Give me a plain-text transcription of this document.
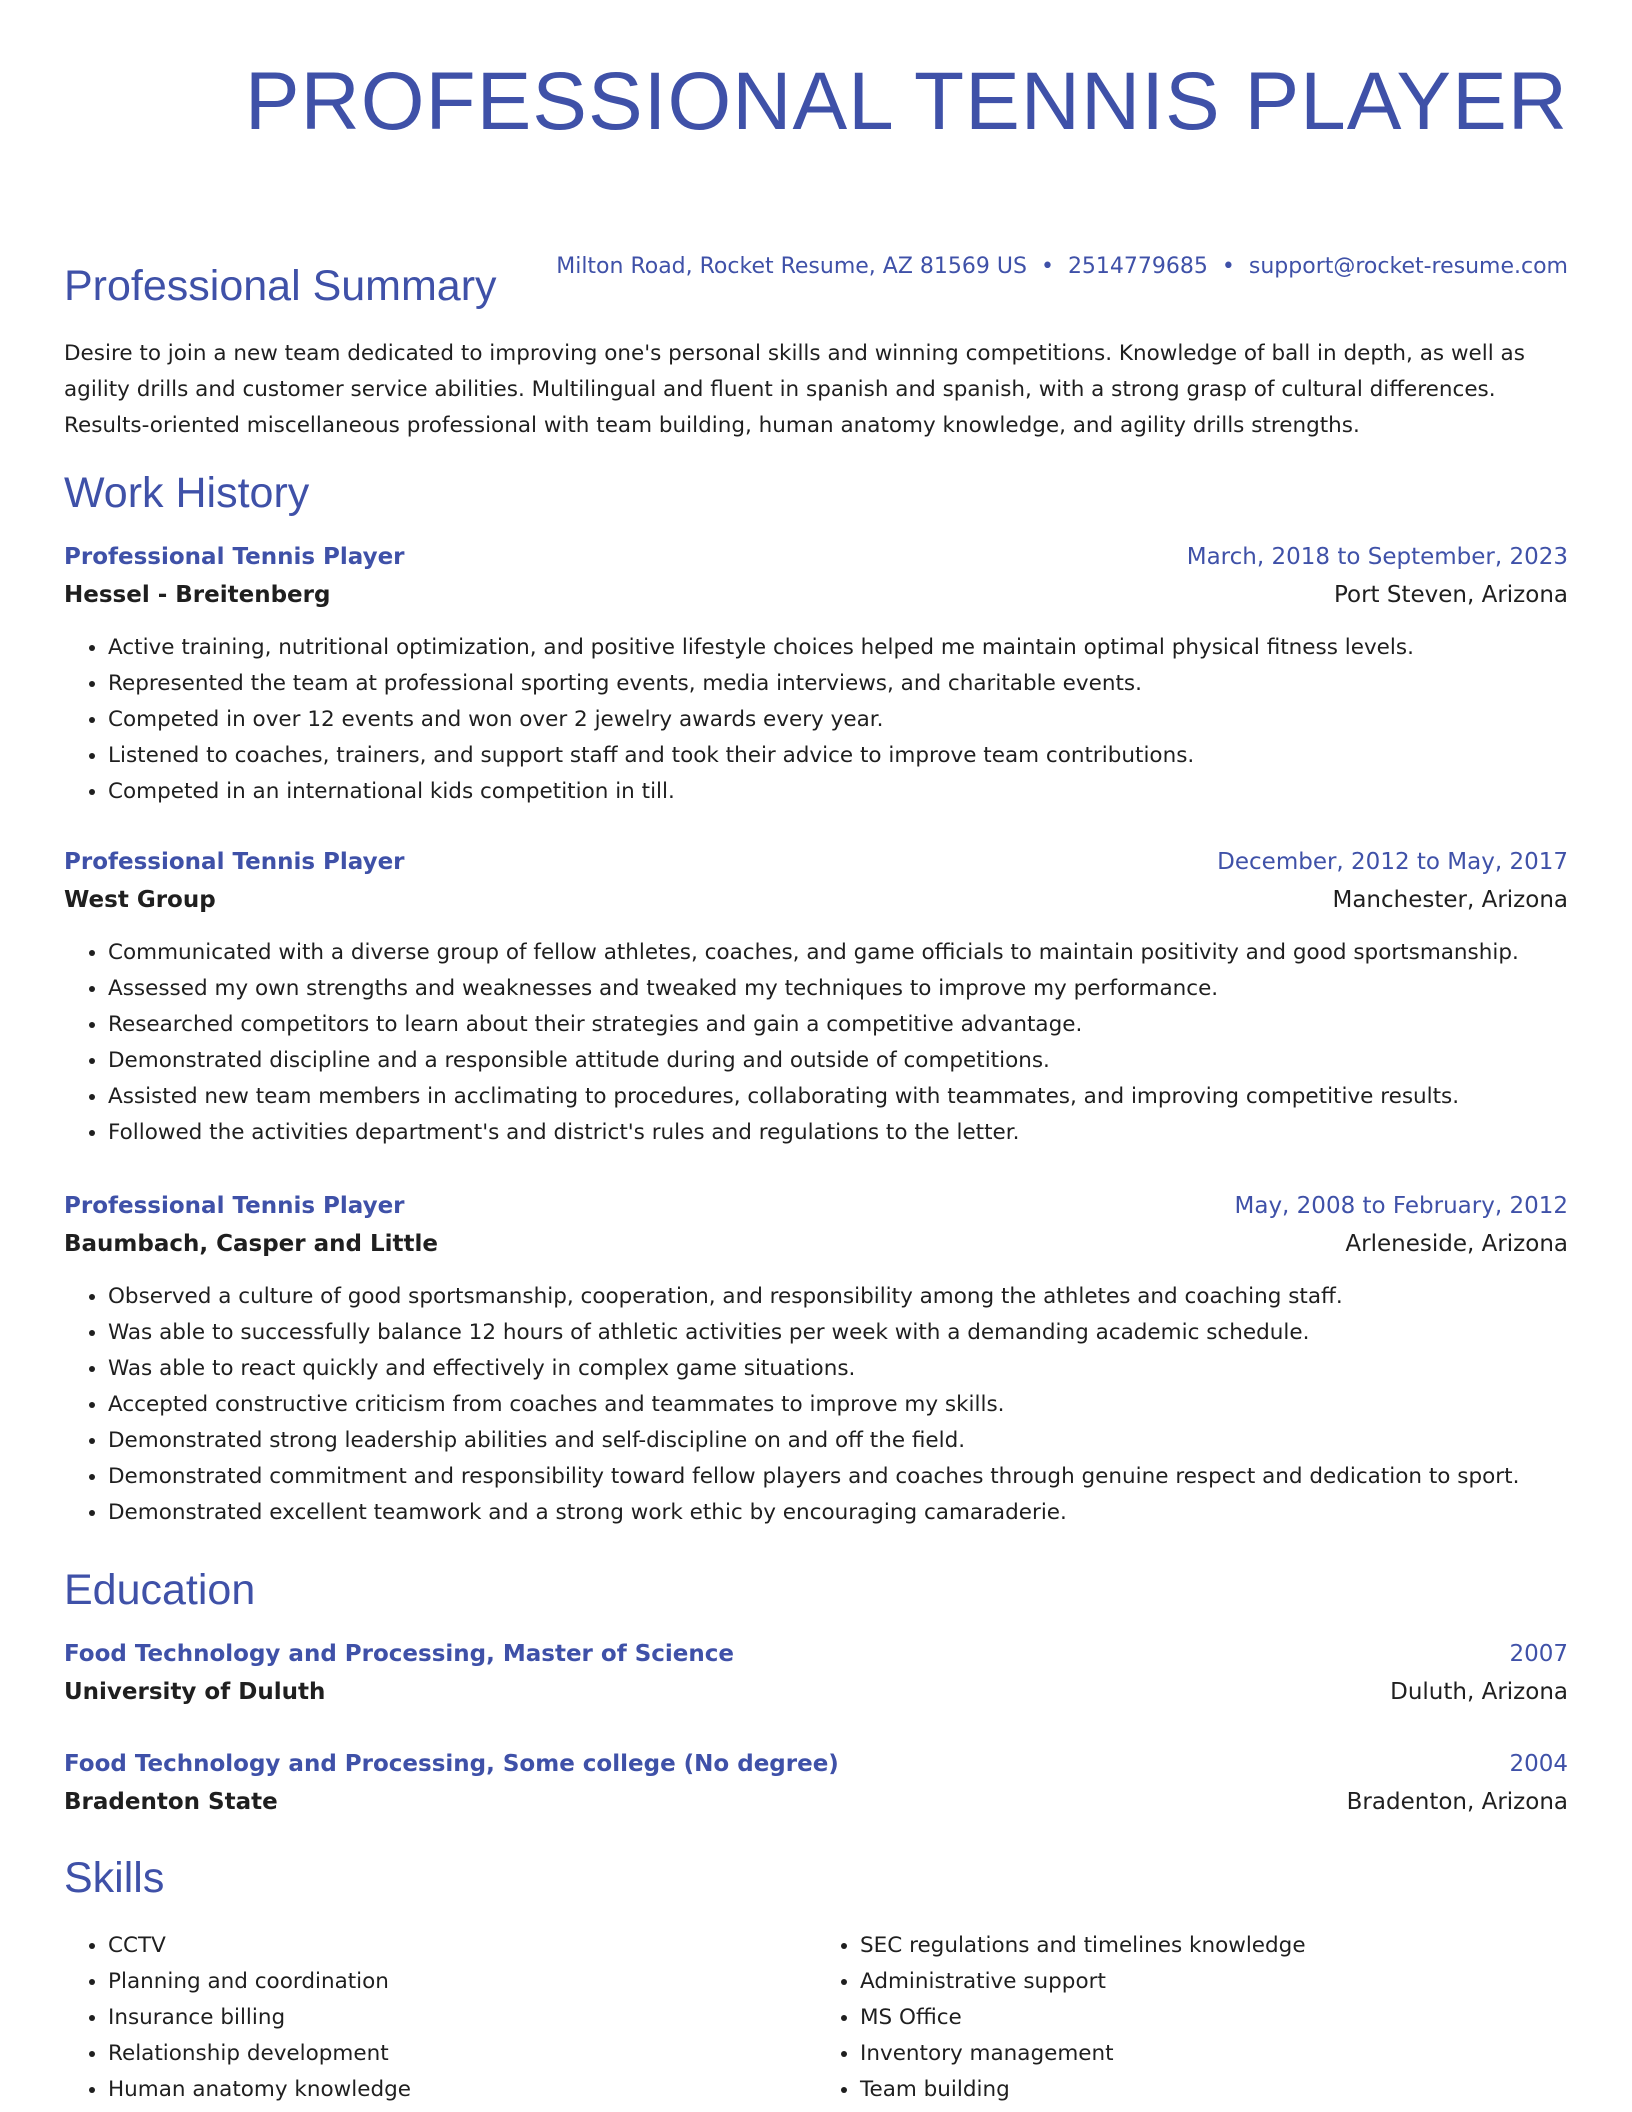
PROFESSIONAL TENNIS PLAYER
Milton Road, Rocket Resume, AZ 81569 US • 2514779685 • support@rocket-resume.com
Professional Summary

Desire to join a new team dedicated to improving one's personal skills and winning competitions. Knowledge of ball in depth, as well as agility drills and customer service abilities. Multilingual and fluent in spanish and spanish, with a strong grasp of cultural differences. Results-oriented miscellaneous professional with team building, human anatomy knowledge, and agility drills strengths.

Work History
Professional Tennis Player	March, 2018 to September, 2023
Hessel - Breitenberg	Port Steven, Arizona
• Active training, nutritional optimization, and positive lifestyle choices helped me maintain optimal physical fitness levels.
• Represented the team at professional sporting events, media interviews, and charitable events.
• Competed in over 12 events and won over 2 jewelry awards every year.
• Listened to coaches, trainers, and support staff and took their advice to improve team contributions.
• Competed in an international kids competition in till.
Professional Tennis Player	December, 2012 to May, 2017
West Group	Manchester, Arizona
• Communicated with a diverse group of fellow athletes, coaches, and game officials to maintain positivity and good sportsmanship.
• Assessed my own strengths and weaknesses and tweaked my techniques to improve my performance.
• Researched competitors to learn about their strategies and gain a competitive advantage.
• Demonstrated discipline and a responsible attitude during and outside of competitions.
• Assisted new team members in acclimating to procedures, collaborating with teammates, and improving competitive results.
• Followed the activities department's and district's rules and regulations to the letter.
Professional Tennis Player	May, 2008 to February, 2012
Baumbach, Casper and Little	Arleneside, Arizona
• Observed a culture of good sportsmanship, cooperation, and responsibility among the athletes and coaching staff.
• Was able to successfully balance 12 hours of athletic activities per week with a demanding academic schedule.
• Was able to react quickly and effectively in complex game situations.
• Accepted constructive criticism from coaches and teammates to improve my skills.
• Demonstrated strong leadership abilities and self-discipline on and off the field.
• Demonstrated commitment and responsibility toward fellow players and coaches through genuine respect and dedication to sport.
• Demonstrated excellent teamwork and a strong work ethic by encouraging camaraderie.
Education
Food Technology and Processing, Master of Science	2007
University of Duluth	Duluth, Arizona
Food Technology and Processing, Some college (No degree)	2004
Bradenton State	Bradenton, Arizona
Skills
• CCTV
• Planning and coordination
• Insurance billing
• Relationship development
• Human anatomy knowledge
• SEC regulations and timelines knowledge
• Administrative support
• MS Office
• Inventory management
• Team building
